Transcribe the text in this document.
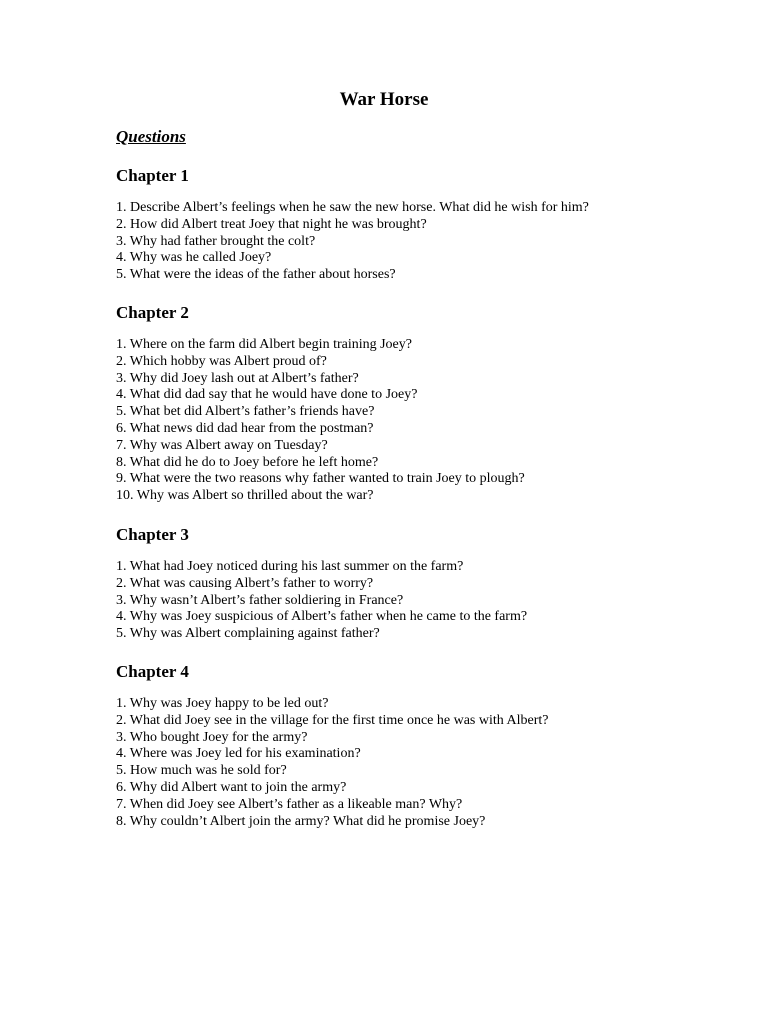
War Horse
Questions
Chapter 1
1. Describe Albert’s feelings when he saw the new horse. What did he wish for him?
2. How did Albert treat Joey that night he was brought?
3. Why had father brought the colt?
4. Why was he called Joey?
5. What were the ideas of the father about horses?
Chapter 2
1. Where on the farm did Albert begin training Joey?
2. Which hobby was Albert proud of?
3. Why did Joey lash out at Albert’s father?
4. What did dad say that he would have done to Joey?
5. What bet did Albert’s father’s friends have?
6. What news did dad hear from the postman?
7. Why was Albert away on Tuesday?
8. What did he do to Joey before he left home?
9. What were the two reasons why father wanted to train Joey to plough?
10. Why was Albert so thrilled about the war?
Chapter 3
1. What had Joey noticed during his last summer on the farm?
2. What was causing Albert’s father to worry?
3. Why wasn’t Albert’s father soldiering in France?
4. Why was Joey suspicious of Albert’s father when he came to the farm?
5. Why was Albert complaining against father?
Chapter 4
1. Why was Joey happy to be led out?
2. What did Joey see in the village for the first time once he was with Albert?
3. Who bought Joey for the army?
4. Where was Joey led for his examination?
5. How much was he sold for?
6. Why did Albert want to join the army?
7. When did Joey see Albert’s father as a likeable man? Why?
8. Why couldn’t Albert join the army? What did he promise Joey?
